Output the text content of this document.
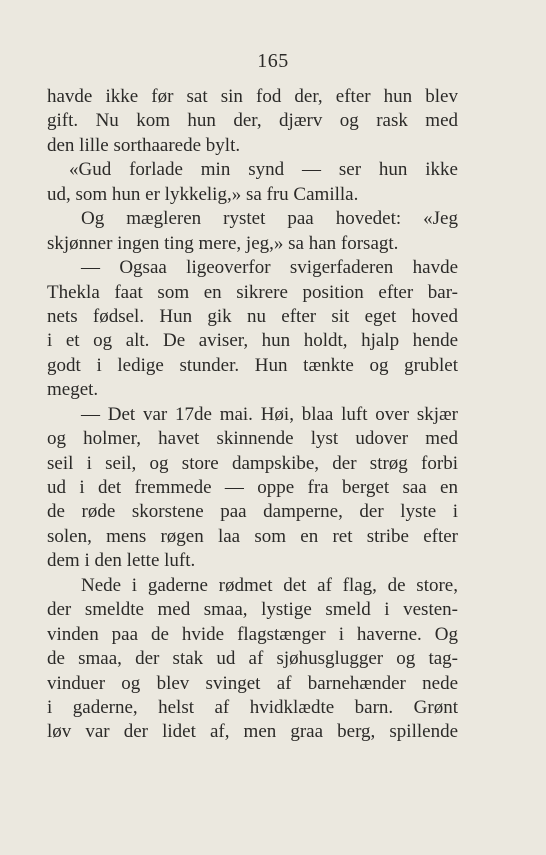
165
havde ikke før sat sin fod der, efter hun blev
gift. Nu kom hun der, djærv og rask med
den lille sorthaarede bylt.
«Gud forlade min synd — ser hun ikke
ud, som hun er lykkelig,» sa fru Camilla.
Og mægleren rystet paa hovedet: «Jeg
skjønner ingen ting mere, jeg,» sa han forsagt.
— Ogsaa ligeoverfor svigerfaderen havde
Thekla faat som en sikrere position efter bar-
nets fødsel. Hun gik nu efter sit eget hoved
i et og alt. De aviser, hun holdt, hjalp hende
godt i ledige stunder. Hun tænkte og grublet
meget.
— Det var 17de mai. Høi, blaa luft over skjær
og holmer, havet skinnende lyst udover med
seil i seil, og store dampskibe, der strøg forbi
ud i det fremmede — oppe fra berget saa en
de røde skorstene paa damperne, der lyste i
solen, mens røgen laa som en ret stribe efter
dem i den lette luft.
Nede i gaderne rødmet det af flag, de store,
der smeldte med smaa, lystige smeld i vesten-
vinden paa de hvide flagstænger i haverne. Og
de smaa, der stak ud af sjøhusglugger og tag-
vinduer og blev svinget af barnehænder nede
i gaderne, helst af hvidklædte barn. Grønt
løv var der lidet af, men graa berg, spillende
